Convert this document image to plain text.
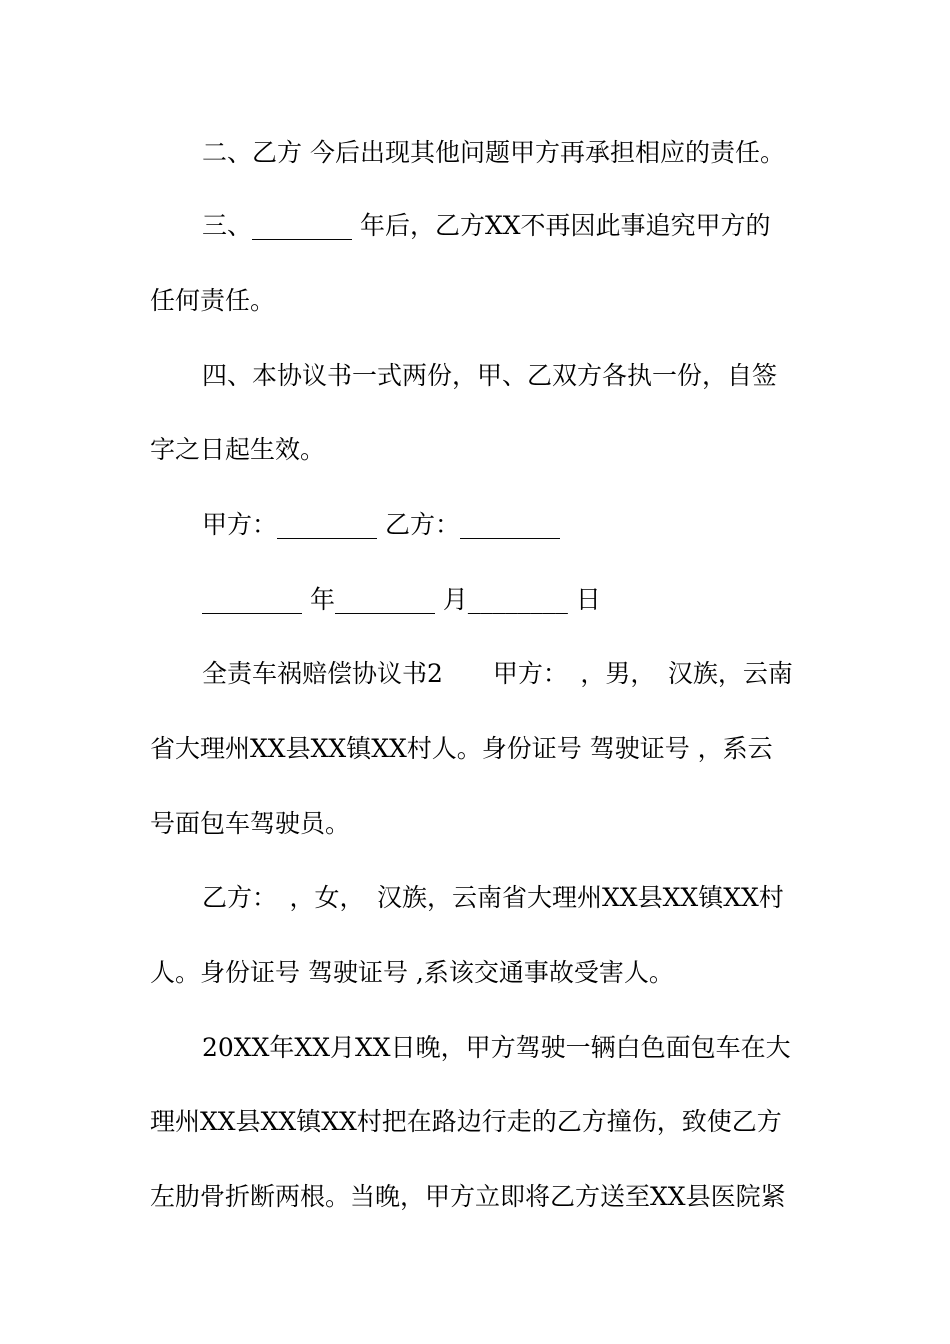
二、乙方 今后出现其他问题甲方再承担相应的责任。
三、________ 年后，乙方XX不再因此事追究甲方的
任何责任。
四、本协议书一式两份，甲、乙双方各执一份，自签
字之日起生效。
甲方：________ 乙方：________
________ 年________ 月________ 日
全责车祸赔偿协议书2　　甲方：　，男，　汉族，云南
省大理州XX县XX镇XX村人。身份证号 驾驶证号 ，系云
号面包车驾驶员。
乙方：　，女，　汉族，云南省大理州XX县XX镇XX村
人。身份证号 驾驶证号 ,系该交通事故受害人。
20XX年XX月XX日晚，甲方驾驶一辆白色面包车在大
理州XX县XX镇XX村把在路边行走的乙方撞伤，致使乙方
左肋骨折断两根。当晚，甲方立即将乙方送至XX县医院紧
